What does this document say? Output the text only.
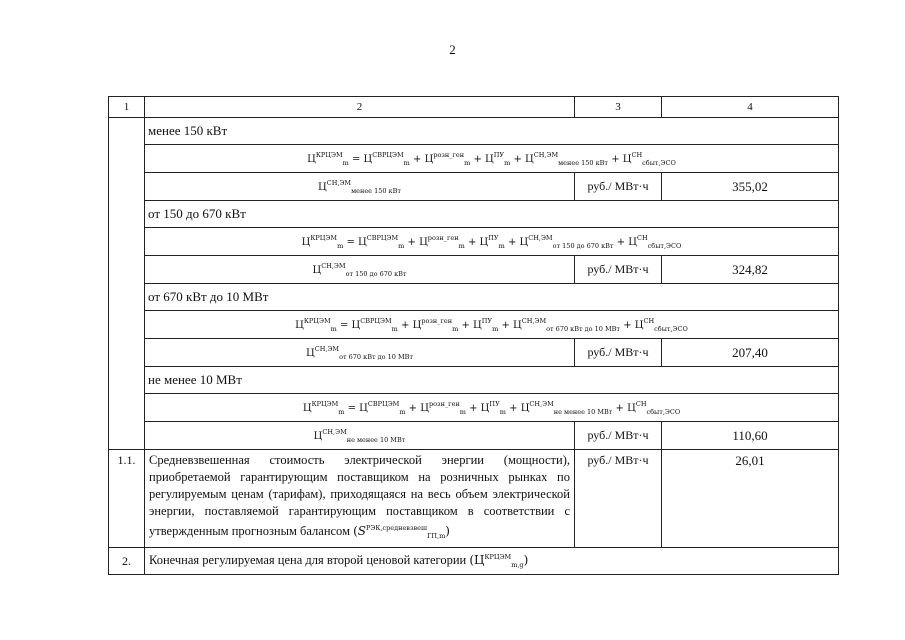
2
1	2	3	4
	менее 150 кВт		
	$Ц^{КРЦЭМ}_m = Ц^{СВРЦЭМ}_m + Ц^{розн\_ген}_m + Ц^{ПУ}_m + Ц^{СН,ЭМ}_{менее 150 кВт} + Ц^{СН}_{сбыт,ЭСО}$
	$Ц^{СН,ЭМ}_{менее 150 кВт}$	руб./ МВт·ч	355,02
	от 150 до 670 кВт		
	$Ц^{КРЦЭМ}_m = Ц^{СВРЦЭМ}_m + Ц^{розн\_ген}_m + Ц^{ПУ}_m + Ц^{СН,ЭМ}_{от 150 до 670 кВт} + Ц^{СН}_{сбыт,ЭСО}$
	$Ц^{СН,ЭМ}_{от 150 до 670 кВт}$	руб./ МВт·ч	324,82
	от 670 кВт до 10 МВт		
	$Ц^{КРЦЭМ}_m = Ц^{СВРЦЭМ}_m + Ц^{розн\_ген}_m + Ц^{ПУ}_m + Ц^{СН,ЭМ}_{от 670 кВт до 10 МВт} + Ц^{СН}_{сбыт,ЭСО}$
	$Ц^{СН,ЭМ}_{от 670 кВт до 10 МВт}$	руб./ МВт·ч	207,40
	не менее 10 МВт		
	$Ц^{КРЦЭМ}_m = Ц^{СВРЦЭМ}_m + Ц^{розн\_ген}_m + Ц^{ПУ}_m + Ц^{СН,ЭМ}_{не менее 10 МВт} + Ц^{СН}_{сбыт,ЭСО}$
	$Ц^{СН,ЭМ}_{не менее 10 МВт}$	руб./ МВт·ч	110,60
1.1.	Средневзвешенная стоимость электрической энергии (мощности), приобретаемой гарантирующим поставщиком на розничных рынках по регулируемым ценам (тарифам), приходящаяся на весь объем электрической энергии, поставляемой гарантирующим поставщиком в соответствии с утвержденным прогнозным балансом $(S^{РЭК,средневзвеш}_{ГП,m})$	руб./ МВт·ч	26,01
2.	Конечная регулируемая цена для второй ценовой категории $(Ц^{КРЦЭМ}_{m,g})$		
